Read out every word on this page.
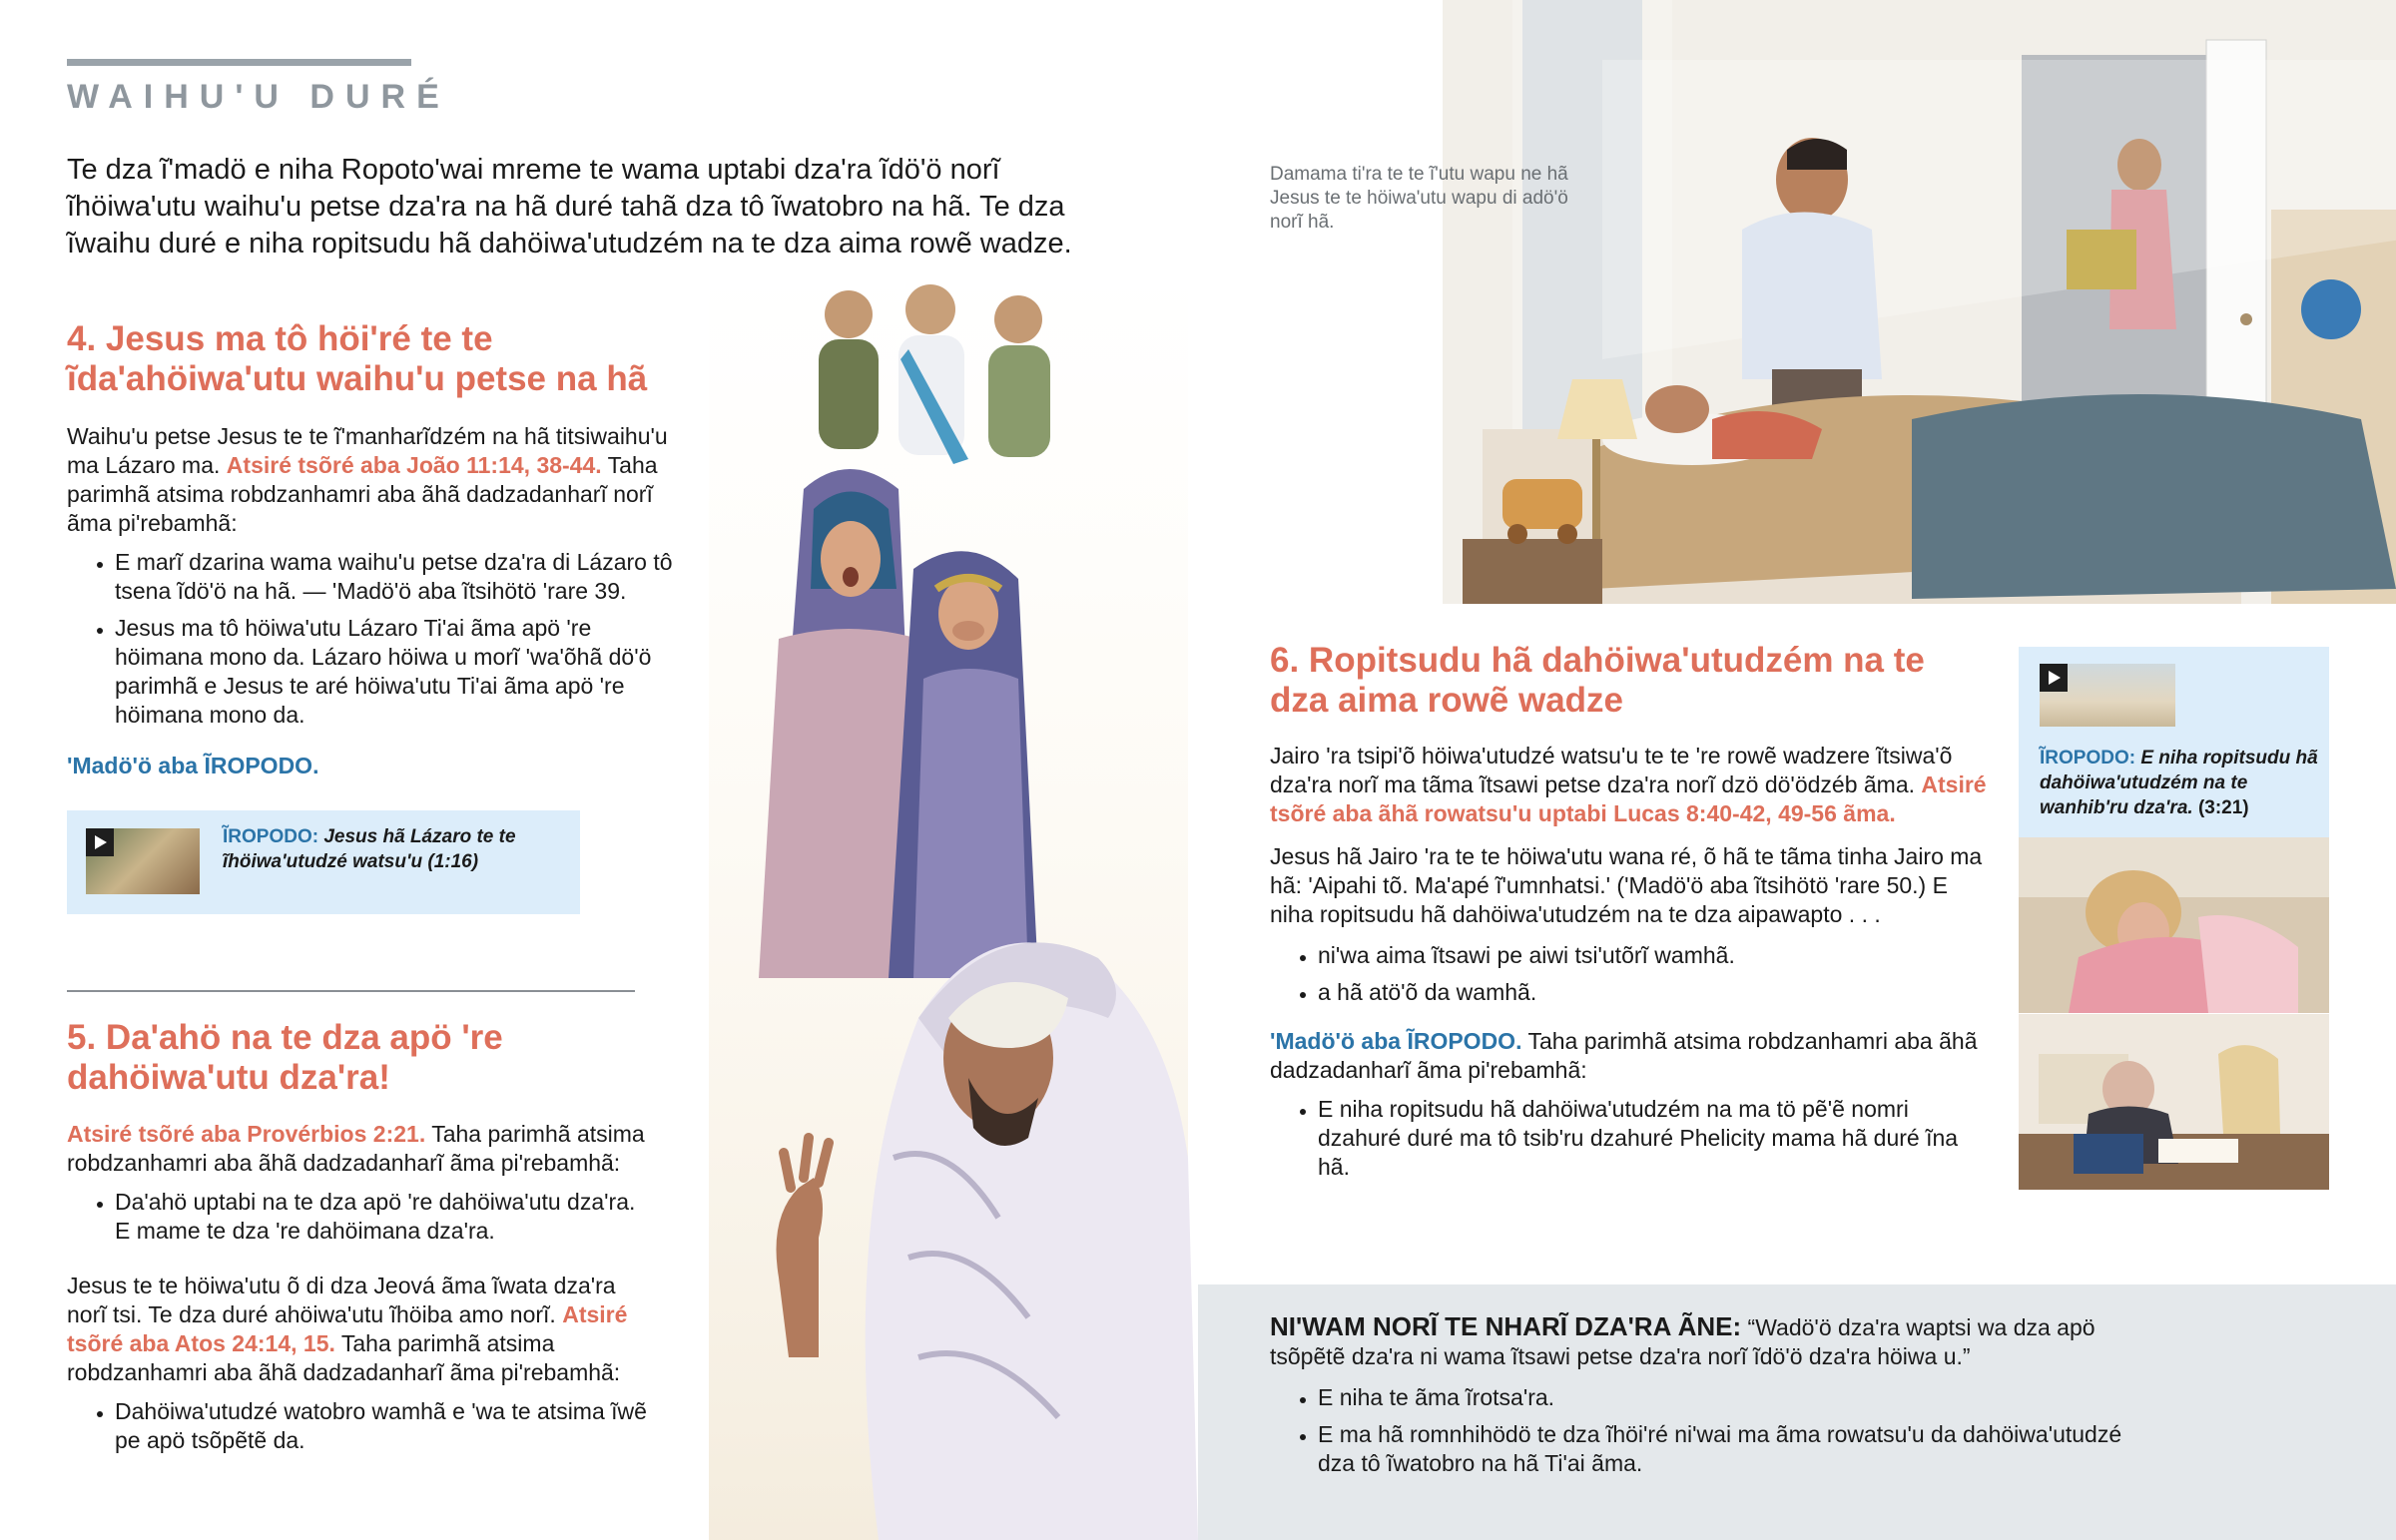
WAIHU'U DURÉ
Te dza ĩ'madö e niha Ropoto'wai mreme te wama uptabi dza'ra ĩdö'ö norĩ ĩhöiwa'utu waihu'u petse dza'ra na hã duré tahã dza tô ĩwatobro na hã. Te dza ĩwaihu duré e niha ropitsudu hã dahöiwa'utudzém na te dza aima rowẽ wadze.
4. Jesus ma tô höi'ré te te ĩda'ahöiwa'utu waihu'u petse na hã
Waihu'u petse Jesus te te ĩ'manharĩdzém na hã titsiwaihu'u ma Lázaro ma. Atsiré tsõré aba João 11:14, 38-44. Taha parimhã atsima robdzanhamri aba ãhã dadzadanharĩ norĩ ãma pi'rebamhã:
• E marĩ dzarina wama waihu'u petse dza'ra di Lázaro tô tsena ĩdö'ö na hã. — 'Madö'ö aba ĩtsihötö 'rare 39.
• Jesus ma tô höiwa'utu Lázaro Ti'ai ãma apö 're höimana mono da. Lázaro höiwa u morĩ 'wa'õhã dö'ö parimhã e Jesus te aré höiwa'utu Ti'ai ãma apö 're höimana mono da.
'Madö'ö aba ĨROPODO.
ĨROPODO: Jesus hã Lázaro te te ĩhöiwa'utudzé watsu'u (1:16)
5. Da'ahö na te dza apö 're dahöiwa'utu dza'ra!
Atsiré tsõré aba Provérbios 2:21. Taha parimhã atsima robdzanhamri aba ãhã dadzadanharĩ ãma pi'rebamhã:
• Da'ahö uptabi na te dza apö 're dahöiwa'utu dza'ra. E mame te dza 're dahöimana dza'ra.
Jesus te te höiwa'utu õ di dza Jeová ãma ĩwata dza'ra norĩ tsi. Te dza duré ahöiwa'utu ĩhöiba amo norĩ. Atsiré tsõré aba Atos 24:14, 15. Taha parimhã atsima robdzanhamri aba ãhã dadzadanharĩ ãma pi'rebamhã:
• Dahöiwa'utudzé watobro wamhã e 'wa te atsima ĩwẽ pe apö tsõpẽtẽ da.
Damama ti'ra te te ĩ'utu wapu ne hã Jesus te te höiwa'utu wapu di adö'ö norĩ hã.
6. Ropitsudu hã dahöiwa'utudzém na te dza aima rowẽ wadze
Jairo 'ra tsipi'õ höiwa'utudzé watsu'u te te 're rowẽ wadzere ĩtsiwa'õ dza'ra norĩ ma tãma ĩtsawi petse dza'ra norĩ dzö dö'ödzéb ãma. Atsiré tsõré aba ãhã rowatsu'u uptabi Lucas 8:40-42, 49-56 ãma.
Jesus hã Jairo 'ra te te höiwa'utu wana ré, õ hã te tãma tinha Jairo ma hã: 'Aipahi tõ. Ma'apé ĩ'umnhatsi.' ('Madö'ö aba ĩtsihötö 'rare 50.) E niha ropitsudu hã dahöiwa'utudzém na te dza aipawapto . . .
• ni'wa aima ĩtsawi pe aiwi tsi'utõrĩ wamhã.
• a hã atö'õ da wamhã.
'Madö'ö aba ĨROPODO. Taha parimhã atsima robdzanhamri aba ãhã dadzadanharĩ ãma pi'rebamhã:
• E niha ropitsudu hã dahöiwa'utudzém na ma tö pẽ'ẽ nomri dzahuré duré ma tô tsib'ru dzahuré Phelicity mama hã duré ĩna hã.
ĨROPODO: E niha ropitsudu hã dahöiwa'utudzém na te wanhib'ru dza'ra. (3:21)
NI'WAM NORĨ TE NHARĨ DZA'RA ÃNE: “Wadö'ö dza'ra waptsi wa dza apö tsõpẽtẽ dza'ra ni wama ĩtsawi petse dza'ra norĩ ĩdö'ö dza'ra höiwa u.”
• E niha te ãma ĩrotsa'ra.
• E ma hã romnhihödö te dza ĩhöi'ré ni'wai ma ãma rowatsu'u da dahöiwa'utudzé dza tô ĩwatobro na hã Ti'ai ãma.
